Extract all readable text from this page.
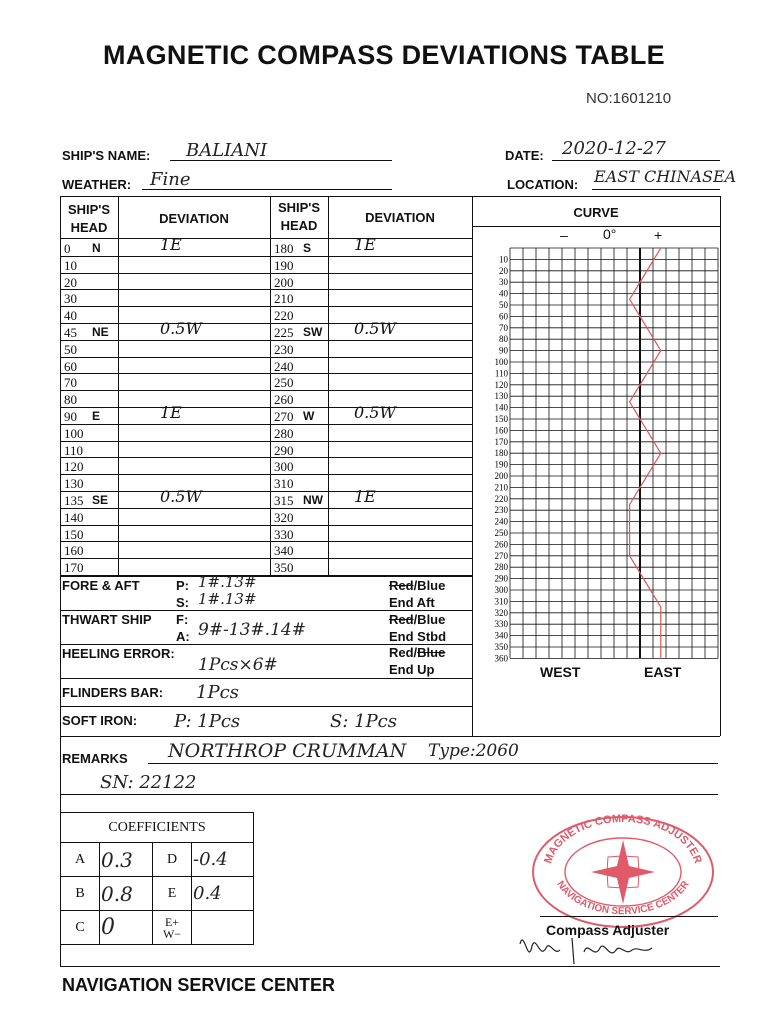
MAGNETIC COMPASS DEVIATIONS TABLE
NO:1601210
SHIP'S NAME: BALIANI	DATE: 2020-12-27
WEATHER: Fine	LOCATION: EAST CHINASEA
SHIP'S HEAD
DEVIATION
SHIP'S HEAD
DEVIATION
0 N	1E	180 S	1E
10	190
20	200
30	210
40	220
45 NE	0.5W	225 SW 0.5W
50	230
60	240
70	250
80	260
90 E	1E	270 W 0.5W
100	280
110	290
120	300
130	310
135 SE	0.5W	315 NW 1E
140	320
150	330
160	340
170	350
CURVE
–	0°	+
10
20
30
40
50
60
70
80
90
100
110
120
130
140
150
160
170
180
190
200
210
220
230
240
250
260
270
280
290
300
310
320
330
340
350
360
WEST	EAST
FORE & AFT	P: 1#.13#
S: 1#.13#
Red/Blue
End Aft
THWART SHIP F:
A: 9#-13#.14#
Red/Blue
End Stbd
HEELING ERROR:
1Pcs×6#
Red/Blue
End Up
FLINDERS BAR: 1Pcs
SOFT IRON: P: 1Pcs	S: 1Pcs
REMARKS NORTHROP CRUMMAN Type:2060
SN: 22122
COEFFICIENTS			
A	0.3	D	-0.4
B	0.8	E	0.4
C	0	E+
W−	
MAGNETIC COMPASS ADJUSTER
NAVIGATION SERVICE CENTER
Compass Adjuster
NAVIGATION SERVICE CENTER
